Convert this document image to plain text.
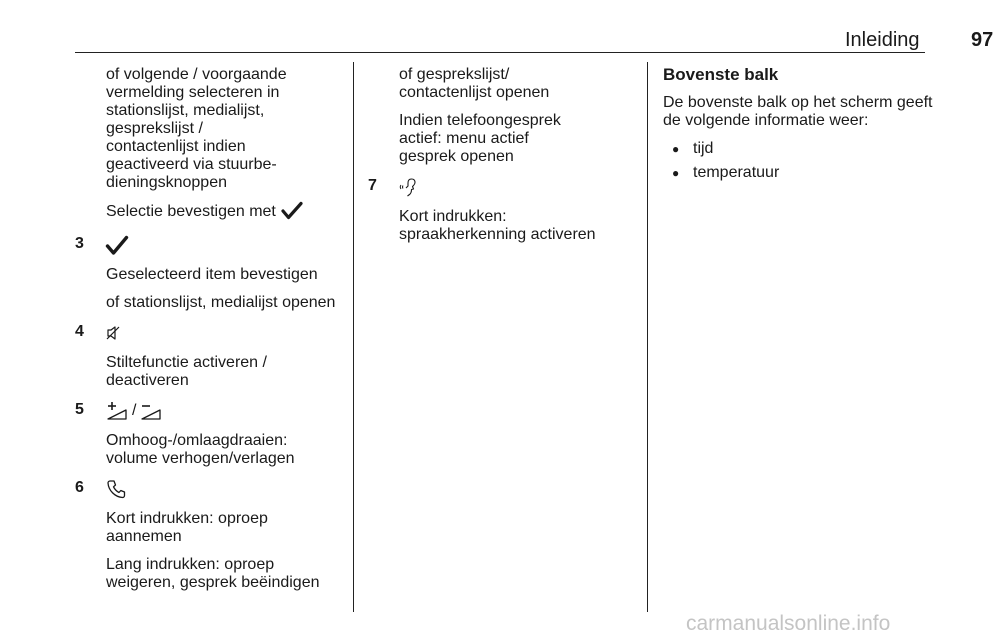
Inleiding	97
of volgende / voorgaande
vermelding selecteren in
stationslijst, medialijst,
gesprekslijst /
contactenlijst indien
geactiveerd via stuurbe-
dieningsknoppen
Selectie bevestigen met
3
Geselecteerd item bevestigen
of stationslijst, medialijst openen
4
Stiltefunctie activeren /
deactiveren
5	/
Omhoog-/omlaagdraaien:
volume verhogen/verlagen
6
Kort indrukken: oproep
aannemen
Lang indrukken: oproep
weigeren, gesprek beëindigen
of gesprekslijst/
contactenlijst openen
Indien telefoongesprek
actief: menu actief
gesprek openen
7
Kort indrukken:
spraakherkenning activeren
Bovenste balk
De bovenste balk op het scherm geeft
de volgende informatie weer:
● tijd
● temperatuur
carmanualsonline.info
